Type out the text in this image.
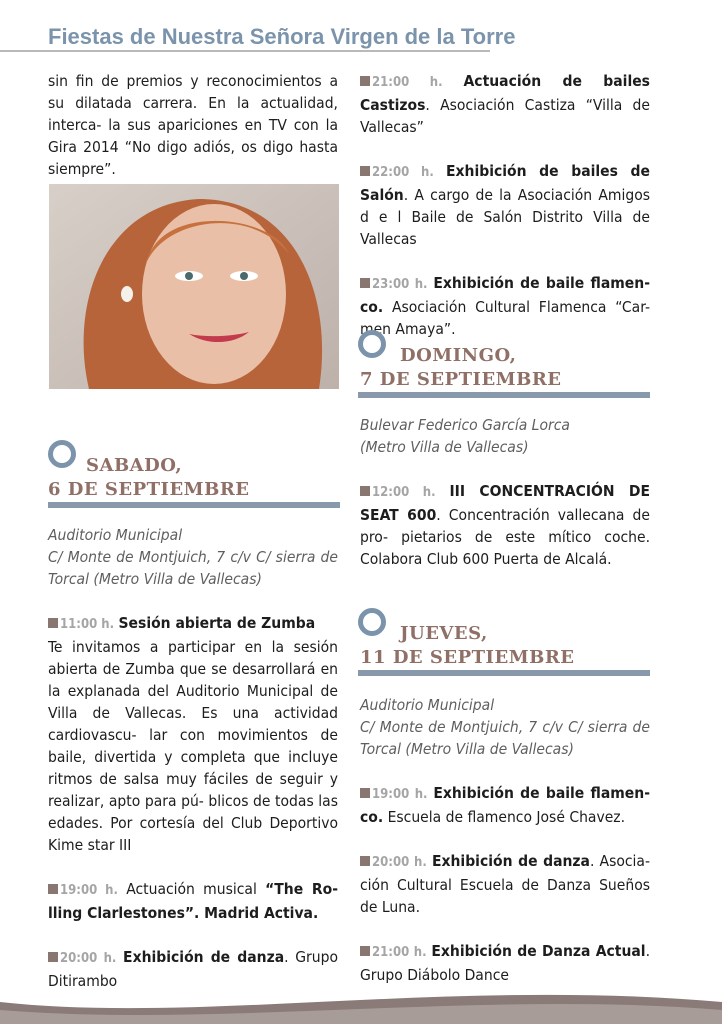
Fiestas de Nuestra Señora Virgen de la Torre

sin fin de premios y reconocimientos a su dilatada carrera. En la actualidad, interca- la sus apariciones en TV con la Gira 2014 “No digo adiós, os digo hasta siempre”.

SABADO,
6 DE SEPTIEMBRE

Auditorio Municipal

C/ Monte de Montjuich, 7 c/v C/ sierra de Torcal (Metro Villa de Vallecas)

11:00 h. Sesión abierta de Zumba

Te invitamos a participar en la sesión abierta de Zumba que se desarrollará en la explanada del Auditorio Municipal de Villa de Vallecas. Es una actividad cardiovascu- lar con movimientos de baile, divertida y completa que incluye ritmos de salsa muy fáciles de seguir y realizar, apto para pú- blicos de todas las edades. Por cortesía del Club Deportivo Kime star III

19:00 h. Actuación musical “The Ro- lling Clarlestones”. Madrid Activa.

20:00 h. Exhibición de danza. Grupo Ditirambo

21:00 h. Actuación de bailes Castizos. Asociación Castiza “Villa de Vallecas”

22:00 h. Exhibición de bailes de Salón. A cargo de la Asociación Amigos d e l Baile de Salón Distrito Villa de Vallecas

23:00 h. Exhibición de baile flamen- co. Asociación Cultural Flamenca “Car- men Amaya”.

DOMINGO,
7 DE SEPTIEMBRE

Bulevar Federico García Lorca

(Metro Villa de Vallecas)

12:00 h. III CONCENTRACIÓN DE SEAT 600. Concentración vallecana de pro- pietarios de este mítico coche. Colabora Club 600 Puerta de Alcalá.

JUEVES,
11 DE SEPTIEMBRE

Auditorio Municipal

C/ Monte de Montjuich, 7 c/v C/ sierra de Torcal (Metro Villa de Vallecas)

19:00 h. Exhibición de baile flamen- co. Escuela de flamenco José Chavez.

20:00 h. Exhibición de danza. Asocia- ción Cultural Escuela de Danza Sueños de Luna.

21:00 h. Exhibición de Danza Actual. Grupo Diábolo Dance
